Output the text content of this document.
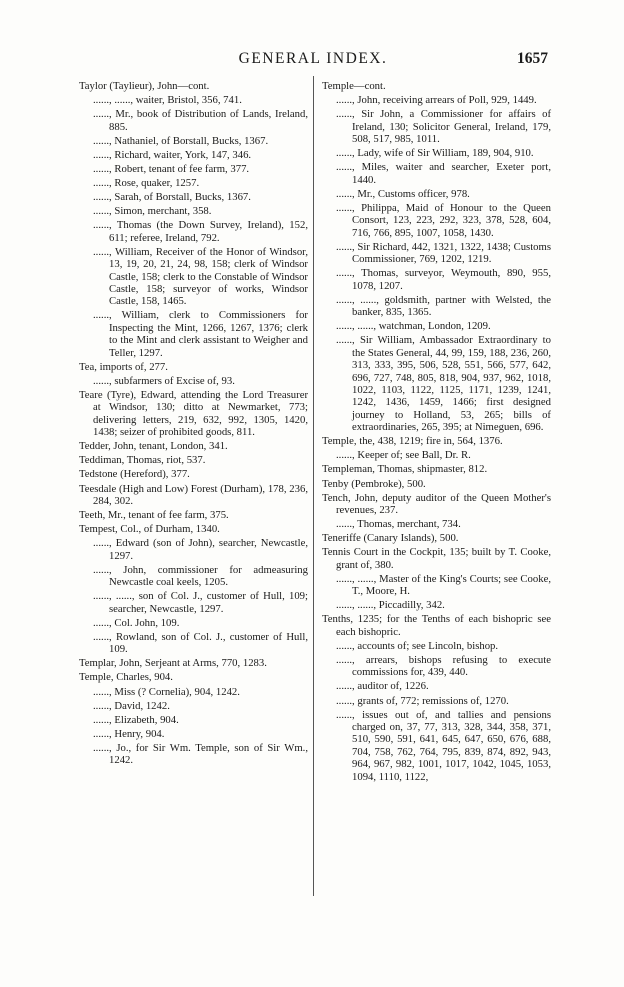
GENERAL INDEX.	1657

Taylor (Taylieur), John—cont.

......, ......, waiter, Bristol, 356, 741.

......, Mr., book of Distribution of Lands, Ireland, 885.

......, Nathaniel, of Borstall, Bucks, 1367.

......, Richard, waiter, York, 147, 346.

......, Robert, tenant of fee farm, 377.

......, Rose, quaker, 1257.

......, Sarah, of Borstall, Bucks, 1367.

......, Simon, merchant, 358.

......, Thomas (the Down Survey, Ireland), 152, 611; referee, Ireland, 792.

......, William, Receiver of the Honor of Windsor, 13, 19, 20, 21, 24, 98, 158; clerk of Windsor Castle, 158; clerk to the Constable of Windsor Castle, 158; surveyor of works, Windsor Castle, 158, 1465.

......, William, clerk to Commissioners for Inspecting the Mint, 1266, 1267, 1376; clerk to the Mint and clerk assistant to Weigher and Teller, 1297.

Tea, imports of, 277.

......, subfarmers of Excise of, 93.

Teare (Tyre), Edward, attending the Lord Treasurer at Windsor, 130; ditto at Newmarket, 773; delivering letters, 219, 632, 992, 1305, 1420, 1438; seizer of prohibited goods, 811.

Tedder, John, tenant, London, 341.

Teddiman, Thomas, riot, 537.

Tedstone (Hereford), 377.

Teesdale (High and Low) Forest (Durham), 178, 236, 284, 302.

Teeth, Mr., tenant of fee farm, 375.

Tempest, Col., of Durham, 1340.

......, Edward (son of John), searcher, Newcastle, 1297.

......, John, commissioner for admeasuring Newcastle coal keels, 1205.

......, ......, son of Col. J., customer of Hull, 109; searcher, Newcastle, 1297.

......, Col. John, 109.

......, Rowland, son of Col. J., customer of Hull, 109.

Templar, John, Serjeant at Arms, 770, 1283.

Temple, Charles, 904.

......, Miss (? Cornelia), 904, 1242.

......, David, 1242.

......, Elizabeth, 904.

......, Henry, 904.

......, Jo., for Sir Wm. Temple, son of Sir Wm., 1242.

Temple—cont.

......, John, receiving arrears of Poll, 929, 1449.

......, Sir John, a Commissioner for affairs of Ireland, 130; Solicitor General, Ireland, 179, 508, 517, 985, 1011.

......, Lady, wife of Sir William, 189, 904, 910.

......, Miles, waiter and searcher, Exeter port, 1440.

......, Mr., Customs officer, 978.

......, Philippa, Maid of Honour to the Queen Consort, 123, 223, 292, 323, 378, 528, 604, 716, 766, 895, 1007, 1058, 1430.

......, Sir Richard, 442, 1321, 1322, 1438; Customs Commissioner, 769, 1202, 1219.

......, Thomas, surveyor, Weymouth, 890, 955, 1078, 1207.

......, ......, goldsmith, partner with Welsted, the banker, 835, 1365.

......, ......, watchman, London, 1209.

......, Sir William, Ambassador Extraordinary to the States General, 44, 99, 159, 188, 236, 260, 313, 333, 395, 506, 528, 551, 566, 577, 642, 696, 727, 748, 805, 818, 904, 937, 962, 1018, 1022, 1103, 1122, 1125, 1171, 1239, 1241, 1242, 1436, 1459, 1466; first designed journey to Holland, 53, 265; bills of extraordinaries, 265, 395; at Nimeguen, 696.

Temple, the, 438, 1219; fire in, 564, 1376.

......, Keeper of; see Ball, Dr. R.

Templeman, Thomas, shipmaster, 812.

Tenby (Pembroke), 500.

Tench, John, deputy auditor of the Queen Mother's revenues, 237.

......, Thomas, merchant, 734.

Teneriffe (Canary Islands), 500.

Tennis Court in the Cockpit, 135; built by T. Cooke, grant of, 380.

......, ......, Master of the King's Courts; see Cooke, T., Moore, H.

......, ......, Piccadilly, 342.

Tenths, 1235; for the Tenths of each bishopric see each bishopric.

......, accounts of; see Lincoln, bishop.

......, arrears, bishops refusing to execute commissions for, 439, 440.

......, auditor of, 1226.

......, grants of, 772; remissions of, 1270.

......, issues out of, and tallies and pensions charged on, 37, 77, 313, 328, 344, 358, 371, 510, 590, 591, 641, 645, 647, 650, 676, 688, 704, 758, 762, 764, 795, 839, 874, 892, 943, 964, 967, 982, 1001, 1017, 1042, 1045, 1053, 1094, 1110, 1122,
